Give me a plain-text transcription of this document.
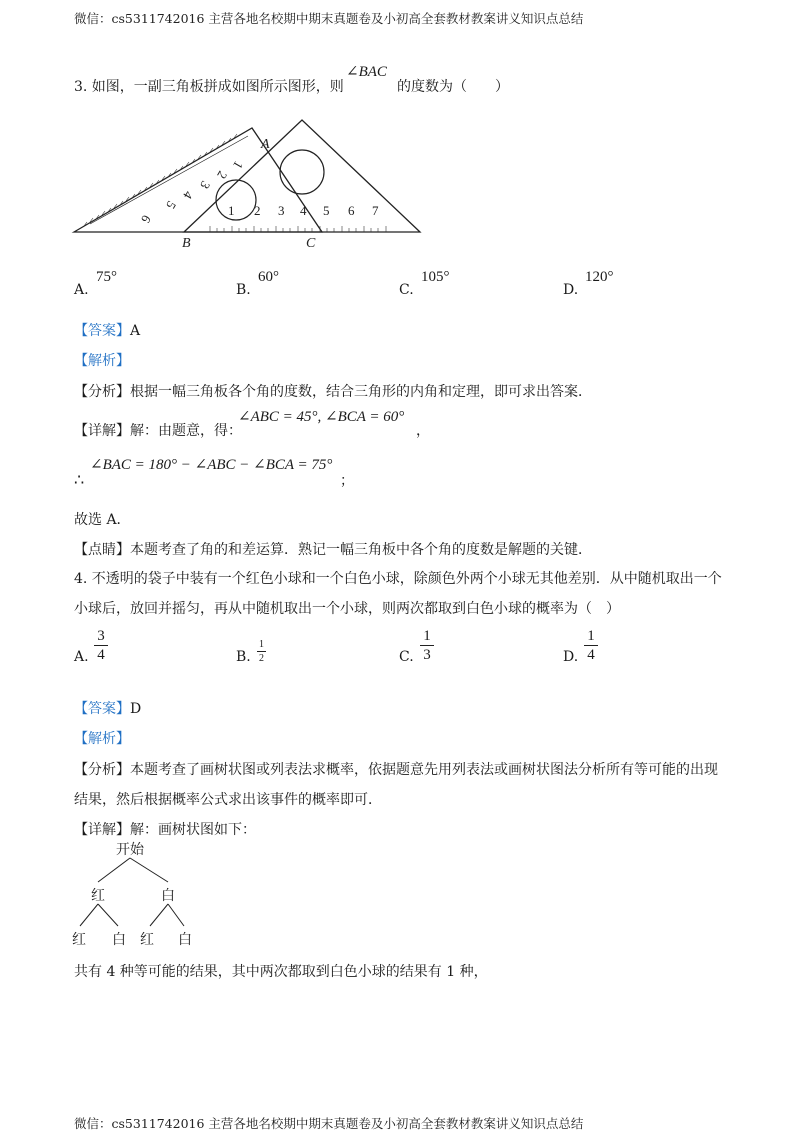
微信：cs5311742016 主营各地名校期中期末真题卷及小初高全套教材教案讲义知识点总结
3. 如图，一副三角板拼成如图所示图形，则
∠BAC
的度数为（　　）
1
2
3
4
5
6
1 2 3 4 5 6 7
A
B	C
A.
75°
B.
60°
C.
105°
D.
120°
【答案】A
【解析】
【分析】根据一幅三角板各个角的度数，结合三角形的内角和定理，即可求出答案．
【详解】解：由题意，得：
∠ABC = 45°, ∠BCA = 60°
，
∴
∠BAC = 180° − ∠ABC − ∠BCA = 75°
；
故选 A．
【点睛】本题考查了角的和差运算．熟记一幅三角板中各个角的度数是解题的关键．
4. 不透明的袋子中装有一个红色小球和一个白色小球，除颜色外两个小球无其他差别．从中随机取出一个
小球后，放回并摇匀，再从中随机取出一个小球，则两次都取到白色小球的概率为（　）
A.
3
4	B.
1
2	C.
1
3	D.
1
4
【答案】D
【解析】
【分析】本题考查了画树状图或列表法求概率，依据题意先用列表法或画树状图法分析所有等可能的出现
结果，然后根据概率公式求出该事件的概率即可．
【详解】解：画树状图如下：
开始
红	白
红 白 红 白
共有 4 种等可能的结果，其中两次都取到白色小球的结果有 1 种，
微信：cs5311742016 主营各地名校期中期末真题卷及小初高全套教材教案讲义知识点总结
